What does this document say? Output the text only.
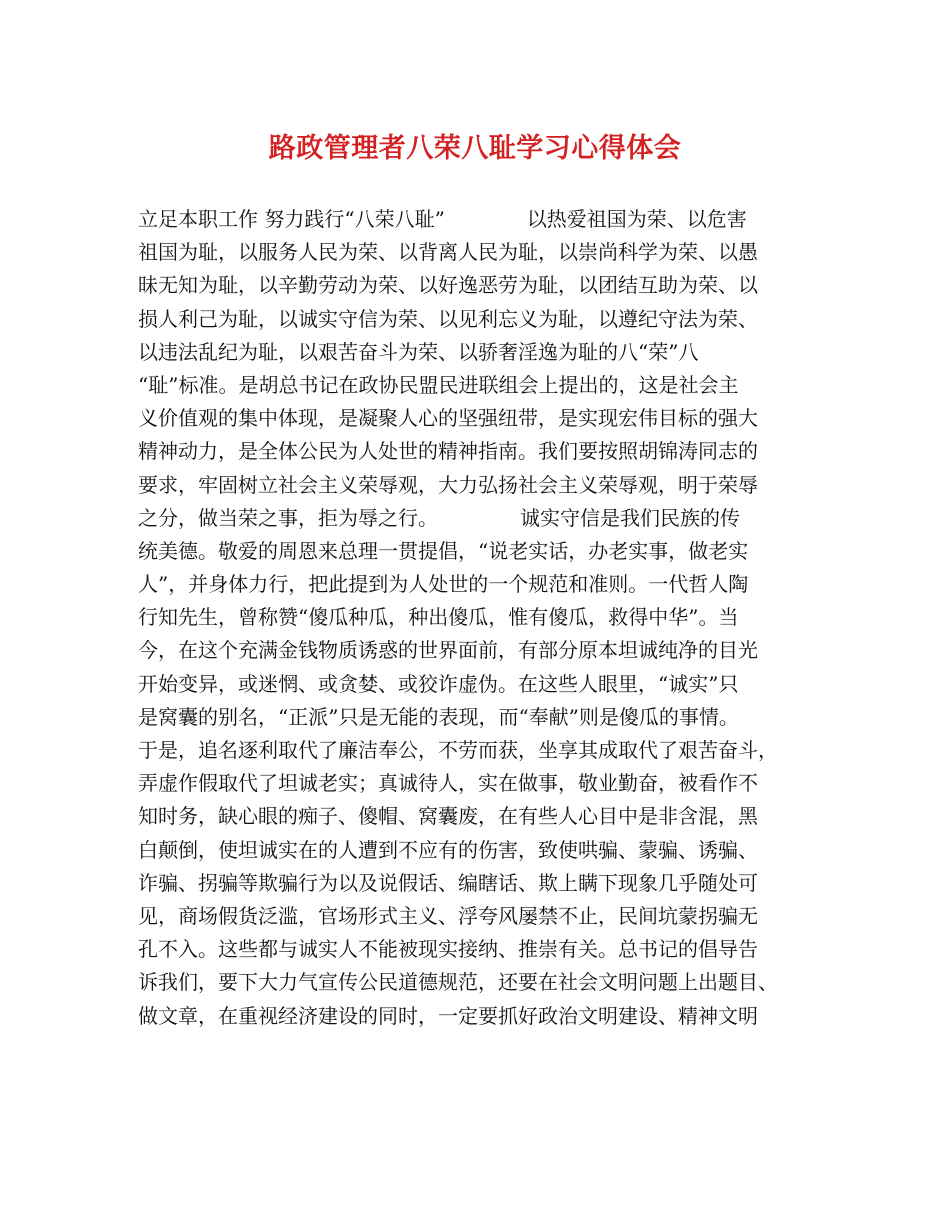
路政管理者八荣八耻学习心得体会
立足本职工作 努力践行“八荣八耻”	以热爱祖国为荣、以危害
祖国为耻，以服务人民为荣、以背离人民为耻，以崇尚科学为荣、以愚
昧无知为耻，以辛勤劳动为荣、以好逸恶劳为耻，以团结互助为荣、以
损人利己为耻，以诚实守信为荣、以见利忘义为耻，以遵纪守法为荣、
以违法乱纪为耻，以艰苦奋斗为荣、以骄奢淫逸为耻的八“荣”八
“耻”标准。是胡总书记在政协民盟民进联组会上提出的，这是社会主
义价值观的集中体现，是凝聚人心的坚强纽带，是实现宏伟目标的强大
精神动力，是全体公民为人处世的精神指南。我们要按照胡锦涛同志的
要求，牢固树立社会主义荣辱观，大力弘扬社会主义荣辱观，明于荣辱
之分，做当荣之事，拒为辱之行。	诚实守信是我们民族的传
统美德。敬爱的周恩来总理一贯提倡，“说老实话，办老实事，做老实
人”，并身体力行，把此提到为人处世的一个规范和准则。一代哲人陶
行知先生，曾称赞“傻瓜种瓜，种出傻瓜，惟有傻瓜，救得中华”。当
今，在这个充满金钱物质诱惑的世界面前，有部分原本坦诚纯净的目光
开始变异，或迷惘、或贪婪、或狡诈虚伪。在这些人眼里，“诚实”只
是窝囊的别名，“正派”只是无能的表现，而“奉献”则是傻瓜的事情。
于是，追名逐利取代了廉洁奉公，不劳而获，坐享其成取代了艰苦奋斗，
弄虚作假取代了坦诚老实；真诚待人，实在做事，敬业勤奋，被看作不
知时务，缺心眼的痴子、傻帽、窝囊废，在有些人心目中是非含混，黑
白颠倒，使坦诚实在的人遭到不应有的伤害，致使哄骗、蒙骗、诱骗、
诈骗、拐骗等欺骗行为以及说假话、编瞎话、欺上瞒下现象几乎随处可
见，商场假货泛滥，官场形式主义、浮夸风屡禁不止，民间坑蒙拐骗无
孔不入。这些都与诚实人不能被现实接纳、推崇有关。总书记的倡导告
诉我们，要下大力气宣传公民道德规范，还要在社会文明问题上出题目、
做文章，在重视经济建设的同时，一定要抓好政治文明建设、精神文明
